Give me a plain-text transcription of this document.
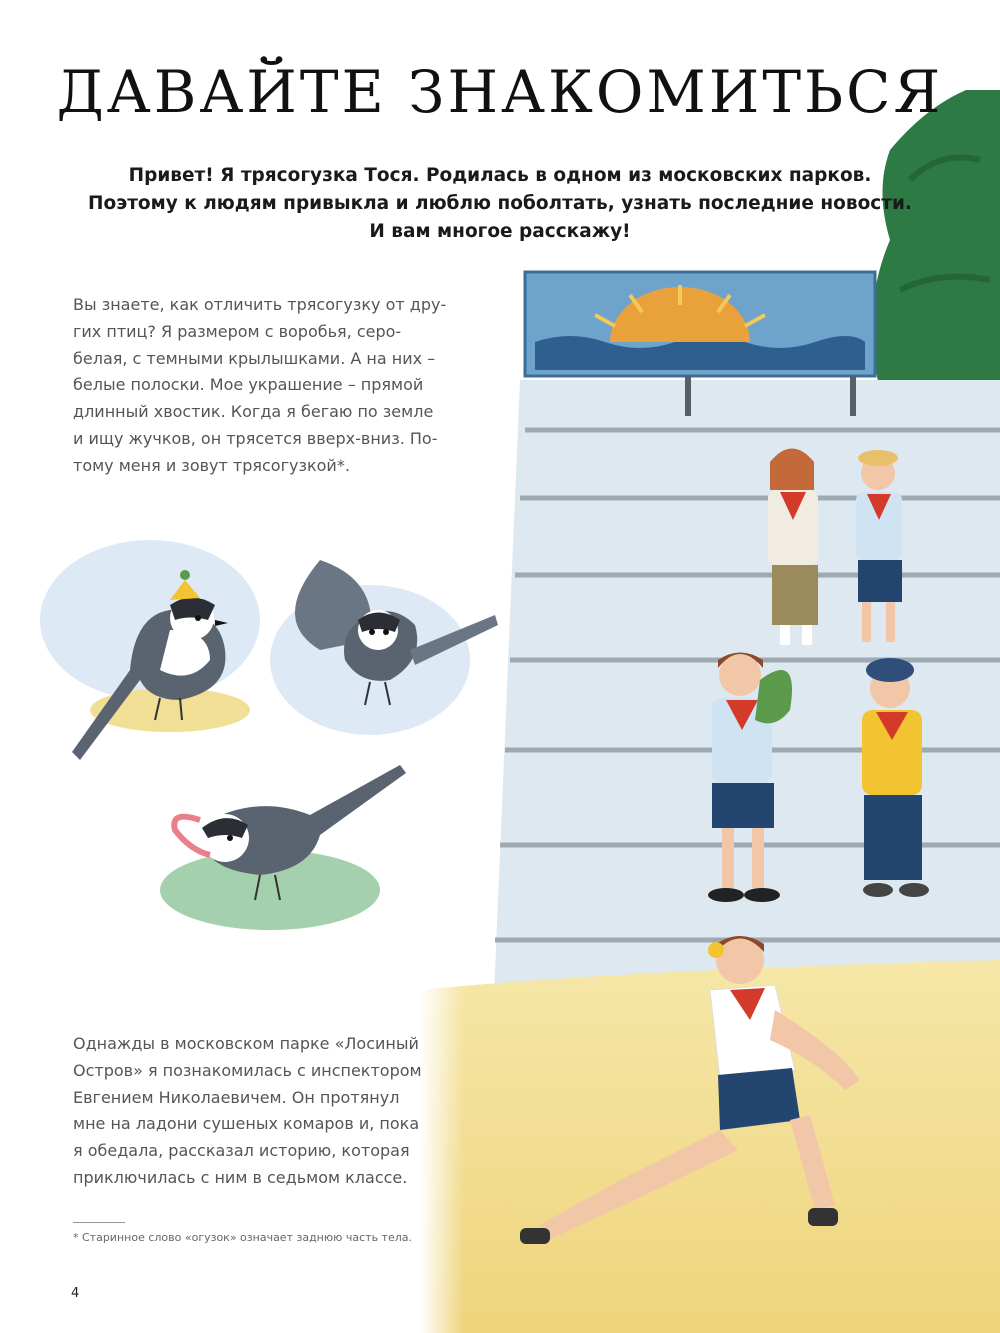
ДАВАЙТЕ ЗНАКОМИТЬСЯ
Привет! Я трясогузка Тося. Родилась в одном из московских парков.
Поэтому к людям привыкла и люблю поболтать, узнать последние новости.
И вам многое расскажу!
Вы знаете, как отличить трясогузку от дру-
гих птиц? Я размером с воробья, серо-
белая, с темными крылышками. А на них –
белые полоски. Мое украшение – прямой
длинный хвостик. Когда я бегаю по земле
и ищу жучков, он трясется вверх-вниз. По-
тому меня и зовут трясогузкой*.
Однажды в московском парке «Лосиный
Остров» я познакомилась с инспектором
Евгением Николаевичем. Он протянул
мне на ладони сушеных комаров и, пока
я обедала, рассказал историю, которая
приключилась с ним в седьмом классе.
* Старинное слово «огузок» означает заднюю часть тела.
4
